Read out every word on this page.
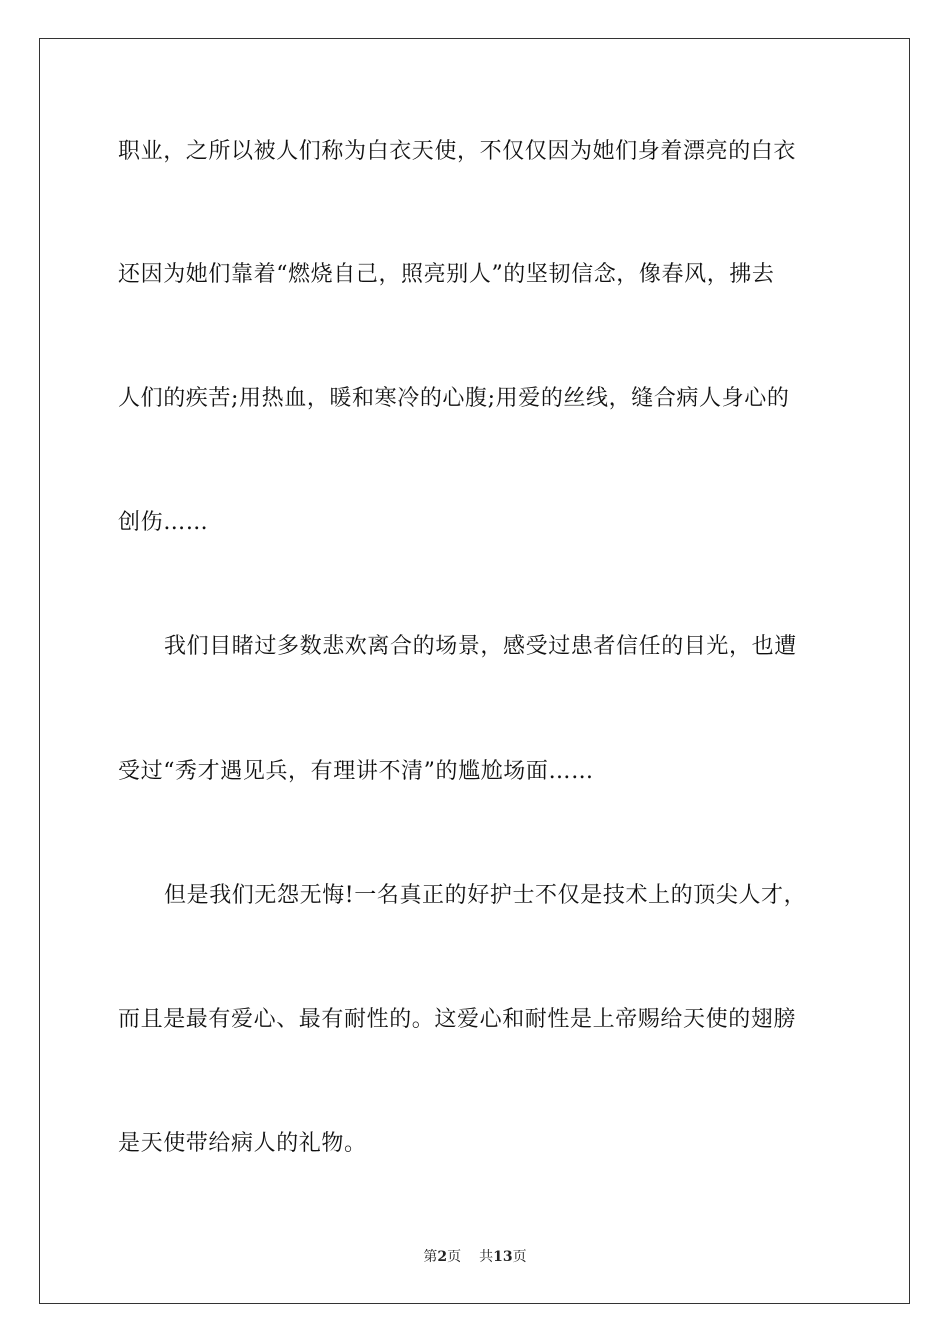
职业，之所以被人们称为白衣天使，不仅仅因为她们身着漂亮的白衣
还因为她们靠着“燃烧自己，照亮别人”的坚韧信念，像春风，拂去
人们的疾苦;用热血，暖和寒冷的心腹;用爱的丝线，缝合病人身心的
创伤……
我们目睹过多数悲欢离合的场景，感受过患者信任的目光，也遭
受过“秀才遇见兵，有理讲不清”的尴尬场面……
但是我们无怨无悔!一名真正的好护士不仅是技术上的顶尖人才，
而且是最有爱心、最有耐性的。这爱心和耐性是上帝赐给天使的翅膀
是天使带给病人的礼物。
第2页 共13页
